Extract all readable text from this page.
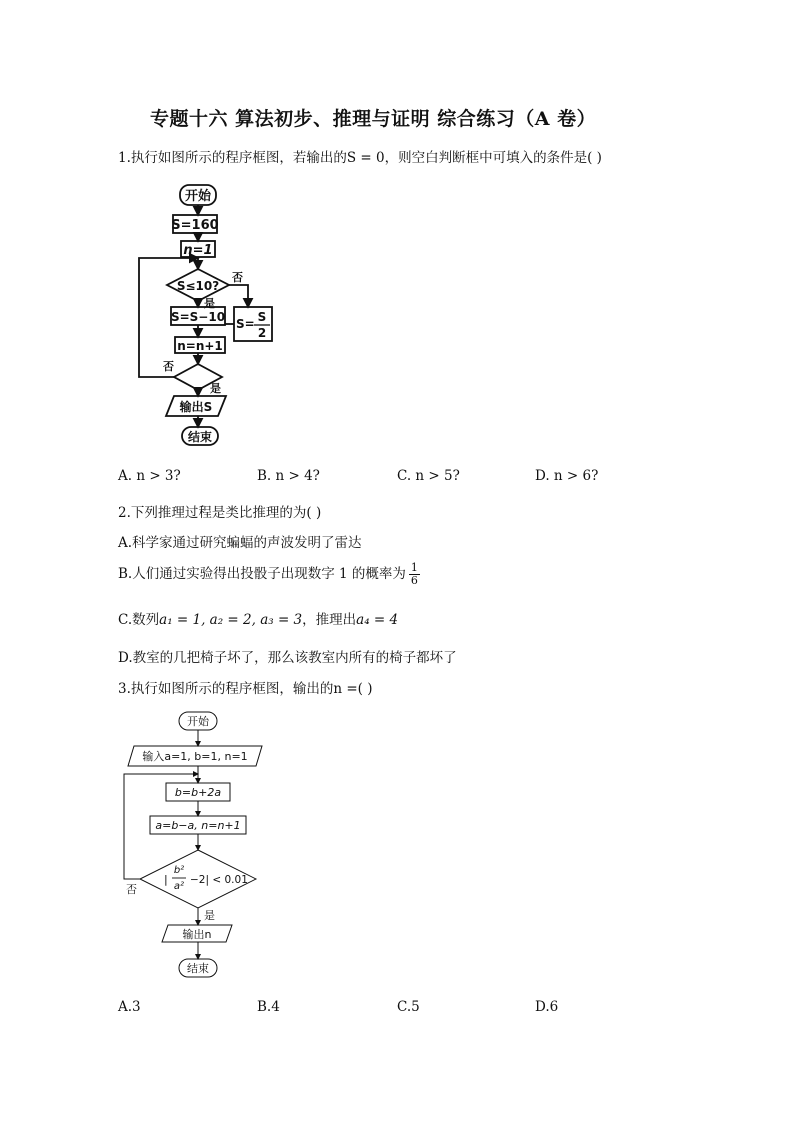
专题十六 算法初步、推理与证明 综合练习（A 卷）
1.执行如图所示的程序框图，若输出的S = 0，则空白判断框中可填入的条件是( )
开始
S=160
n=1
S≤10?
否
是
S=S−10 S= S
2
n=n+1
否
是
输出S
结束
A. n > 3?	B. n > 4?	C. n > 5?	D. n > 6?
2.下列推理过程是类比推理的为( )
A.科学家通过研究蝙蝠的声波发明了雷达
B.人们通过实验得出投骰子出现数字 1 的概率为 $\frac{1}{6}$
C.数列a₁ = 1, a₂ = 2, a₃ = 3，推理出a₄ = 4
D.教室的几把椅子坏了，那么该教室内所有的椅子都坏了
3.执行如图所示的程序框图，输出的n =( )
开始
输入a=1, b=1, n=1
b=b+2a
a=b−a, n=n+1
|
b²
a²
−2| < 0.01
否
是
输出n
结束
A.3	B.4	C.5	D.6
